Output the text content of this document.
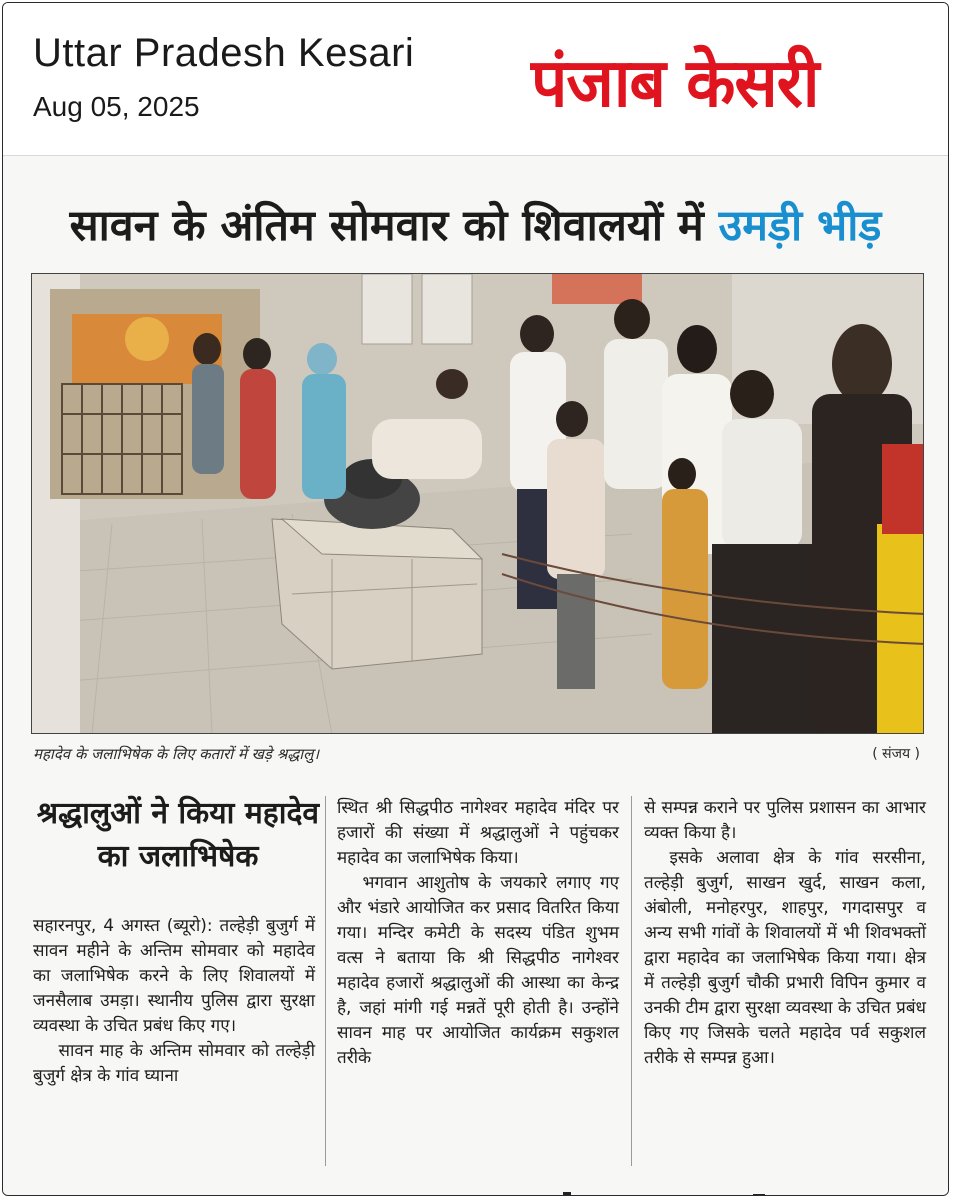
Uttar Pradesh Kesari
Aug 05, 2025	पंजाब केसरी
सावन के अंतिम सोमवार को शिवालयों में उमड़ी भीड़
महादेव के जलाभिषेक के लिए कतारों में खड़े श्रद्धालु।	( संजय )
श्रद्धालुओं ने किया महादेव का जलाभिषेक

सहारनपुर, 4 अगस्त (ब्यूरो): तल्हेड़ी बुजुर्ग में सावन महीने के अन्तिम सोमवार को महादेव का जलाभिषेक करने के लिए शिवालयों में जनसैलाब उमड़ा। स्थानीय पुलिस द्वारा सुरक्षा व्यवस्था के उचित प्रबंध किए गए।

सावन माह के अन्तिम सोमवार को तल्हेड़ी बुजुर्ग क्षेत्र के गांव घ्याना

स्थित श्री सिद्धपीठ नागेश्वर महादेव मंदिर पर हजारों की संख्या में श्रद्धालुओं ने पहुंचकर महादेव का जलाभिषेक किया।

भगवान आशुतोष के जयकारे लगाए गए और भंडारे आयोजित कर प्रसाद वितरित किया गया। मन्दिर कमेटी के सदस्य पंडित शुभम वत्स ने बताया कि श्री सिद्धपीठ नागेश्वर महादेव हजारों श्रद्धालुओं की आस्था का केन्द्र है, जहां मांगी गई मन्नतें पूरी होती है। उन्होंने सावन माह पर आयोजित कार्यक्रम सकुशल तरीके

से सम्पन्न कराने पर पुलिस प्रशासन का आभार व्यक्त किया है।

इसके अलावा क्षेत्र के गांव सरसीना, तल्हेड़ी बुजुर्ग, साखन खुर्द, साखन कला, अंबोली, मनोहरपुर, शाहपुर, गगदासपुर व अन्य सभी गांवों के शिवालयों में भी शिवभक्तों द्वारा महादेव का जलाभिषेक किया गया। क्षेत्र में तल्हेड़ी बुजुर्ग चौकी प्रभारी विपिन कुमार व उनकी टीम द्वारा सुरक्षा व्यवस्था के उचित प्रबंध किए गए जिसके चलते महादेव पर्व सकुशल तरीके से सम्पन्न हुआ।
